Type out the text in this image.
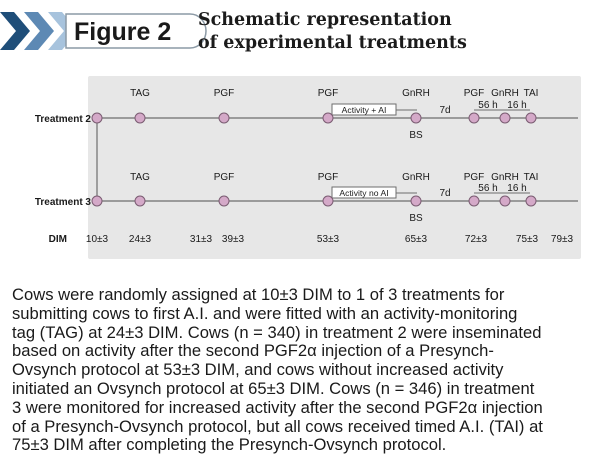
Figure 2 Schematic representation
of experimental treatments
Treatment 2
Activity + AI
TAG	PGF	PGF	GnRH
7d
PGF GnRH TAI
56 h 16 h
BS
Treatment 3
Activity no AI
TAG	PGF	PGF	GnRH
7d
PGF GnRH TAI
56 h 16 h
BS
DIM 10±3 24±3	31±3 39±3	53±3	65±3	72±3	75±3 79±3
Cows were randomly assigned at 10±3 DIM to 1 of 3 treatments for
submitting cows to first A.I. and were fitted with an activity-monitoring
tag (TAG) at 24±3 DIM. Cows (n = 340) in treatment 2 were inseminated
based on activity after the second PGF2α injection of a Presynch-
Ovsynch protocol at 53±3 DIM, and cows without increased activity
initiated an Ovsynch protocol at 65±3 DIM. Cows (n = 346) in treatment
3 were monitored for increased activity after the second PGF2α injection
of a Presynch-Ovsynch protocol, but all cows received timed A.I. (TAI) at
75±3 DIM after completing the Presynch-Ovsynch protocol.
